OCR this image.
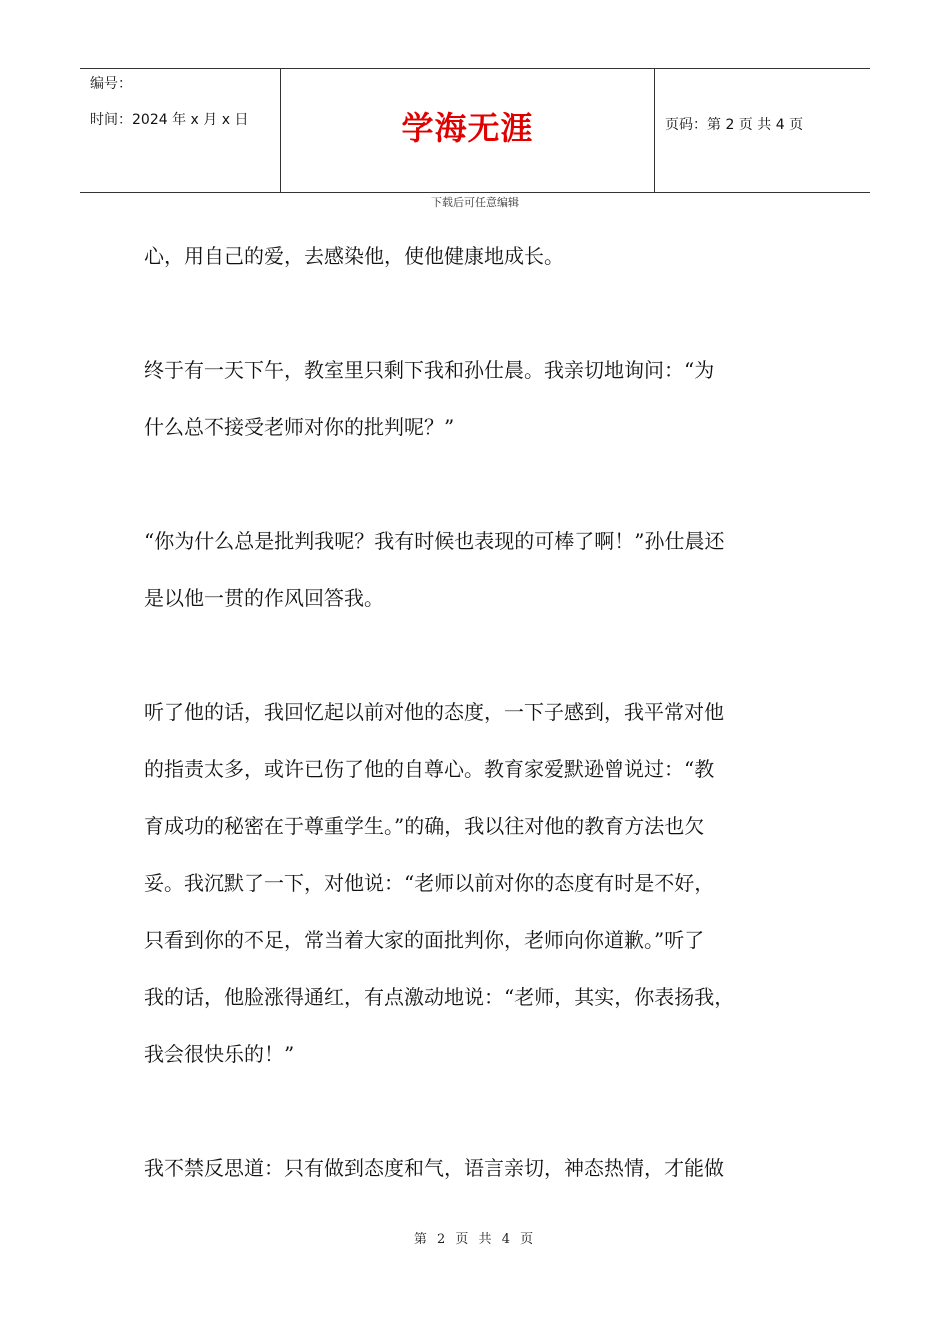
编号：
时间：2024 年 x 月 x 日	学海无涯	页码：第 2 页 共 4 页
下载后可任意编辑

心，用自己的爱，去感染他，使他健康地成长。

终于有一天下午，教室里只剩下我和孙仕晨。我亲切地询问：“为

什么总不接受老师对你的批判呢？”

“你为什么总是批判我呢？我有时候也表现的可棒了啊！”孙仕晨还

是以他一贯的作风回答我。

听了他的话，我回忆起以前对他的态度，一下子感到，我平常对他

的指责太多，或许已伤了他的自尊心。教育家爱默逊曾说过：“教

育成功的秘密在于尊重学生。”的确，我以往对他的教育方法也欠

妥。我沉默了一下，对他说：“老师以前对你的态度有时是不好，

只看到你的不足，常当着大家的面批判你，老师向你道歉。”听了

我的话，他脸涨得通红，有点激动地说：“老师，其实，你表扬我，

我会很快乐的！”

我不禁反思道：只有做到态度和气，语言亲切，神态热情，才能做

第 2 页 共 4 页
